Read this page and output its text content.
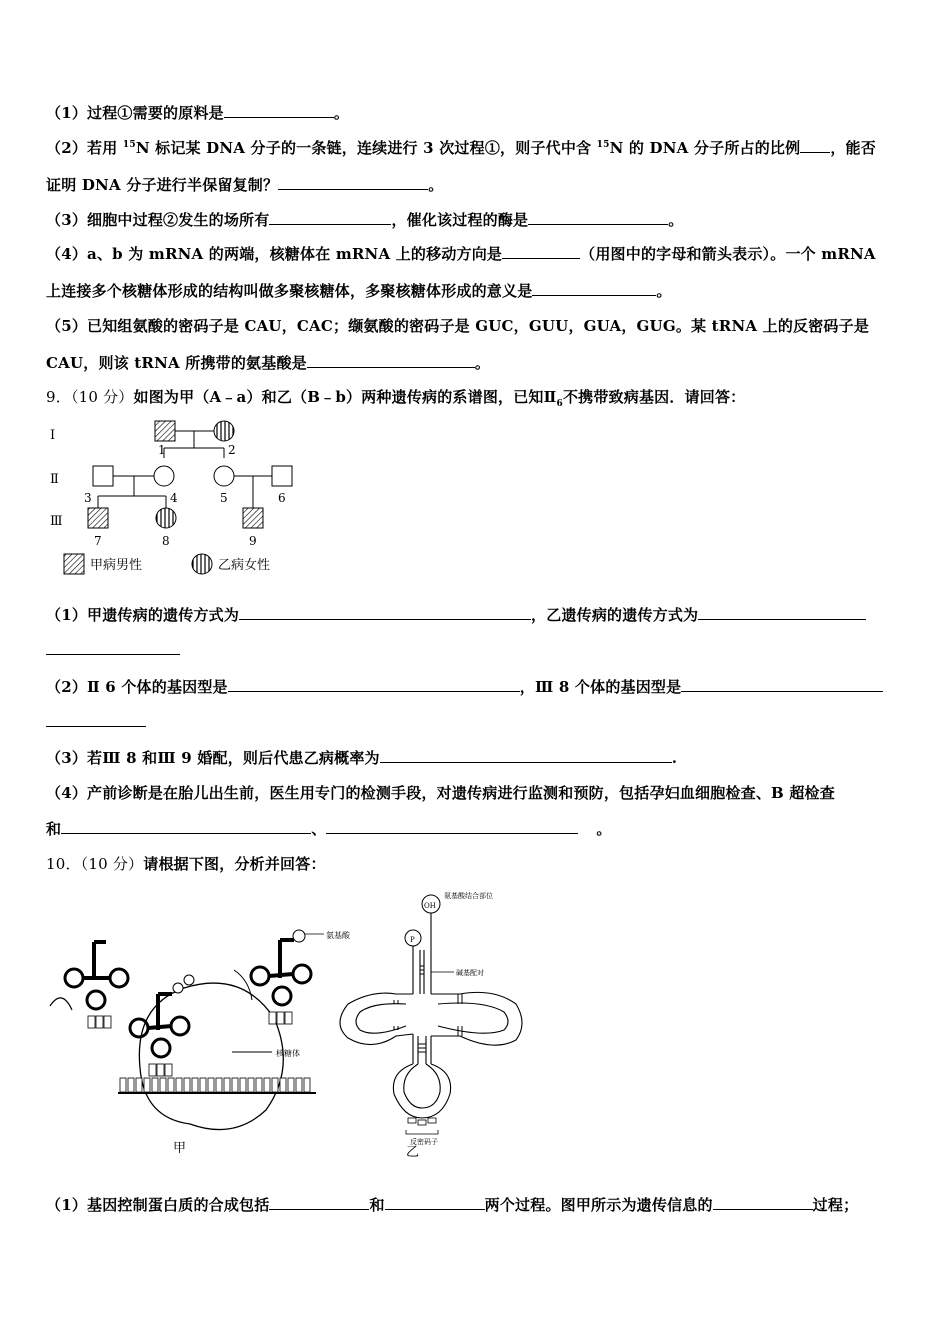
（1）过程①需要的原料是	。
（2）若用 $^{15}$N 标记某 DNA 分子的一条链，连续进行 3 次过程①，则子代中含 $^{15}$N 的 DNA 分子所占的比例 ，能否
证明 DNA 分子进行半保留复制？	。
（3）细胞中过程②发生的场所有	，催化该过程的酶是	。
（4）a、b 为 mRNA 的两端，核糖体在 mRNA 上的移动方向是	（用图中的字母和箭头表示）。一个 mRNA
上连接多个核糖体形成的结构叫做多聚核糖体，多聚核糖体形成的意义是	。
（5）已知组氨酸的密码子是 CAU，CAC；缬氨酸的密码子是 GUC，GUU，GUA，GUG。某 tRNA 上的反密码子是
CAU，则该 tRNA 所携带的氨基酸是	。
9．（10 分）如图为甲（A﹣a）和乙（B﹣b）两种遗传病的系谱图，已知$Ⅱ_6$不携带致病基因．请回答：
Ⅰ
Ⅱ
Ⅲ
1	2
3	4	5	6
7	8	9
甲病男性	乙病女性
（1）甲遗传病的遗传方式为	，乙遗传病的遗传方式为
（2）Ⅱ 6 个体的基因型是	，Ⅲ 8 个体的基因型是
（3）若Ⅲ 8 和Ⅲ 9 婚配，则后代患乙病概率为	.
（4）产前诊断是在胎儿出生前，医生用专门的检测手段，对遗传病进行监测和预防，包括孕妇血细胞检查、B 超检查
和	、	。
10．（10 分）请根据下图，分析并回答：
氨基酸
核糖体
甲
OH
氨基酸结合部位
P
碱基配对
反密码子
乙
（1）基因控制蛋白质的合成包括	和	两个过程。图甲所示为遗传信息的	过程；
